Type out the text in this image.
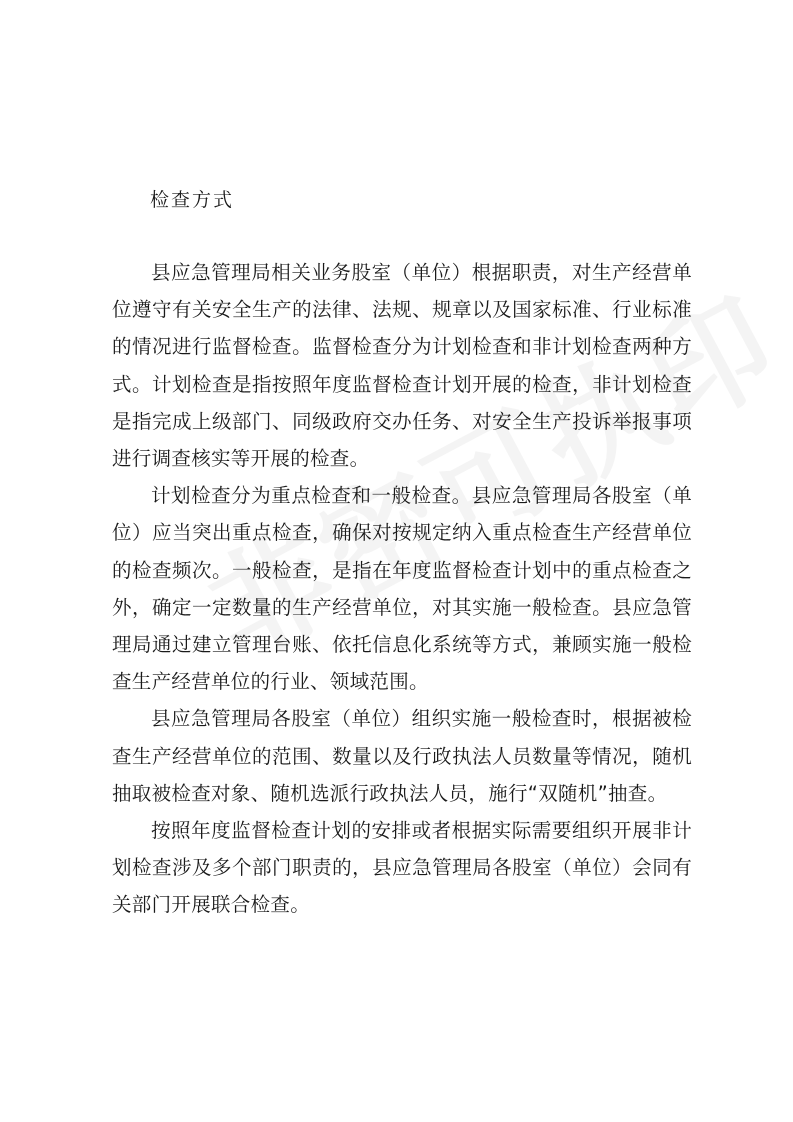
检查方式

县应急管理局相关业务股室（单位）根据职责，对生产经营单位遵守有关安全生产的法律、法规、规章以及国家标准、行业标准的情况进行监督检查。监督检查分为计划检查和非计划检查两种方式。计划检查是指按照年度监督检查计划开展的检查，非计划检查是指完成上级部门、同级政府交办任务、对安全生产投诉举报事项进行调查核实等开展的检查。

计划检查分为重点检查和一般检查。县应急管理局各股室（单位）应当突出重点检查，确保对按规定纳入重点检查生产经营单位的检查频次。一般检查，是指在年度监督检查计划中的重点检查之外，确定一定数量的生产经营单位，对其实施一般检查。县应急管理局通过建立管理台账、依托信息化系统等方式，兼顾实施一般检查生产经营单位的行业、领域范围。

县应急管理局各股室（单位）组织实施一般检查时，根据被检查生产经营单位的范围、数量以及行政执法人员数量等情况，随机抽取被检查对象、随机选派行政执法人员，施行“双随机”抽查。

按照年度监督检查计划的安排或者根据实际需要组织开展非计划检查涉及多个部门职责的，县应急管理局各股室（单位）会同有关部门开展联合检查。
